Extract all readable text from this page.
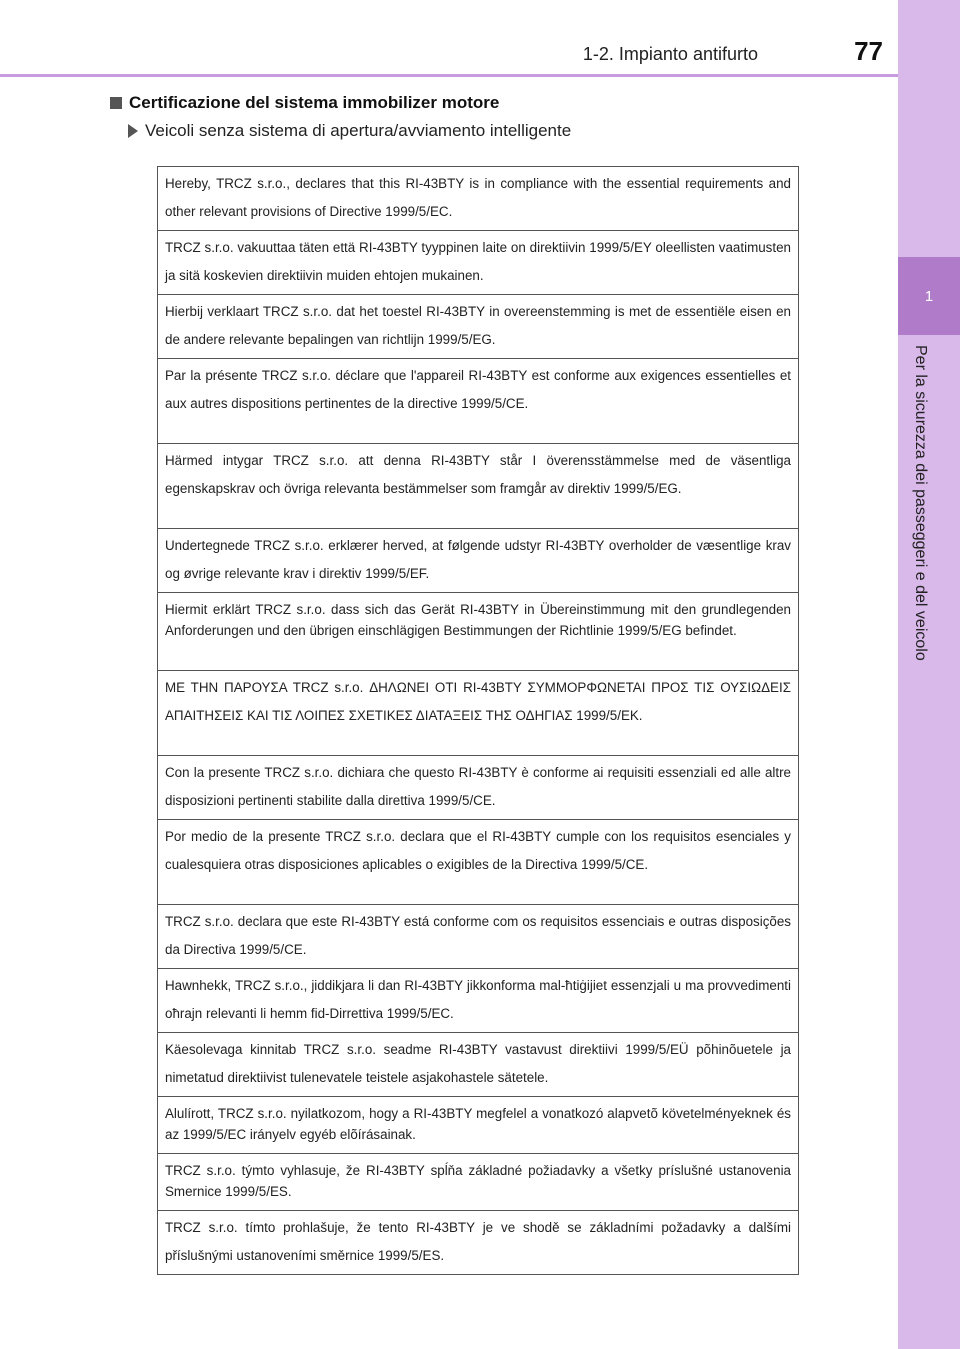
1
Per la sicurezza dei passeggeri e del veicolo
1-2. Impianto antifurto	77
Certificazione del sistema immobilizer motore
Veicoli senza sistema di apertura/avviamento intelligente
Hereby, TRCZ s.r.o., declares that this RI-43BTY is in compliance with the essential requirements and other relevant provisions of Directive 1999/5/EC.
TRCZ s.r.o. vakuuttaa täten että RI-43BTY tyyppinen laite on direktiivin 1999/5/EY oleellisten vaatimusten ja sitä koskevien direktiivin muiden ehtojen mukainen.
Hierbij verklaart TRCZ s.r.o. dat het toestel RI-43BTY in overeenstemming is met de essentiële eisen en de andere relevante bepalingen van richtlijn 1999/5/EG.
Par la présente TRCZ s.r.o. déclare que l'appareil RI-43BTY est conforme aux exigences essentielles et aux autres dispositions pertinentes de la directive 1999/5/CE.
Härmed intygar TRCZ s.r.o. att denna RI-43BTY står I överensstämmelse med de väsentliga egenskapskrav och övriga relevanta bestämmelser som framgår av direktiv 1999/5/EG.
Undertegnede TRCZ s.r.o. erklærer herved, at følgende udstyr RI-43BTY overholder de væsentlige krav og øvrige relevante krav i direktiv 1999/5/EF.
Hiermit erklärt TRCZ s.r.o. dass sich das Gerät RI-43BTY in Übereinstimmung mit den grundlegenden Anforderungen und den übrigen einschlägigen Bestimmungen der Richtlinie 1999/5/EG befindet.
ΜΕ ΤΗΝ ΠΑΡΟΥΣΑ TRCZ s.r.o. ΔΗΛΩΝΕΙ ΟΤΙ RI-43BTY ΣΥΜΜΟΡΦΩΝΕΤΑΙ ΠΡΟΣ ΤΙΣ ΟΥΣΙΩΔΕΙΣ ΑΠΑΙΤΗΣΕΙΣ ΚΑΙ ΤΙΣ ΛΟΙΠΕΣ ΣΧΕΤΙΚΕΣ ΔΙΑΤΑΞΕΙΣ ΤΗΣ ΟΔΗΓΙΑΣ 1999/5/ΕΚ.
Con la presente TRCZ s.r.o. dichiara che questo RI-43BTY è conforme ai requisiti essenziali ed alle altre disposizioni pertinenti stabilite dalla direttiva 1999/5/CE.
Por medio de la presente TRCZ s.r.o. declara que el RI-43BTY cumple con los requisitos esenciales y cualesquiera otras disposiciones aplicables o exigibles de la Directiva 1999/5/CE.
TRCZ s.r.o. declara que este RI-43BTY está conforme com os requisitos essenciais e outras disposições da Directiva 1999/5/CE.
Hawnhekk, TRCZ s.r.o., jiddikjara li dan RI-43BTY jikkonforma mal-ħtiġijiet essenzjali u ma provvedimenti oħrajn relevanti li hemm fid-Dirrettiva 1999/5/EC.
Käesolevaga kinnitab TRCZ s.r.o. seadme RI-43BTY vastavust direktiivi 1999/5/EÜ põhinõuetele ja nimetatud direktiivist tulenevatele teistele asjakohastele sätetele.
Alulírott, TRCZ s.r.o. nyilatkozom, hogy a RI-43BTY megfelel a vonatkozó alapvetõ követelményeknek és az 1999/5/EC irányelv egyéb elõírásainak.
TRCZ s.r.o. týmto vyhlasuje, že RI-43BTY spĺňa základné požiadavky a všetky príslušné ustanovenia Smernice 1999/5/ES.
TRCZ s.r.o. tímto prohlašuje, že tento RI-43BTY je ve shodě se základními požadavky a dalšími příslušnými ustanoveními směrnice 1999/5/ES.
